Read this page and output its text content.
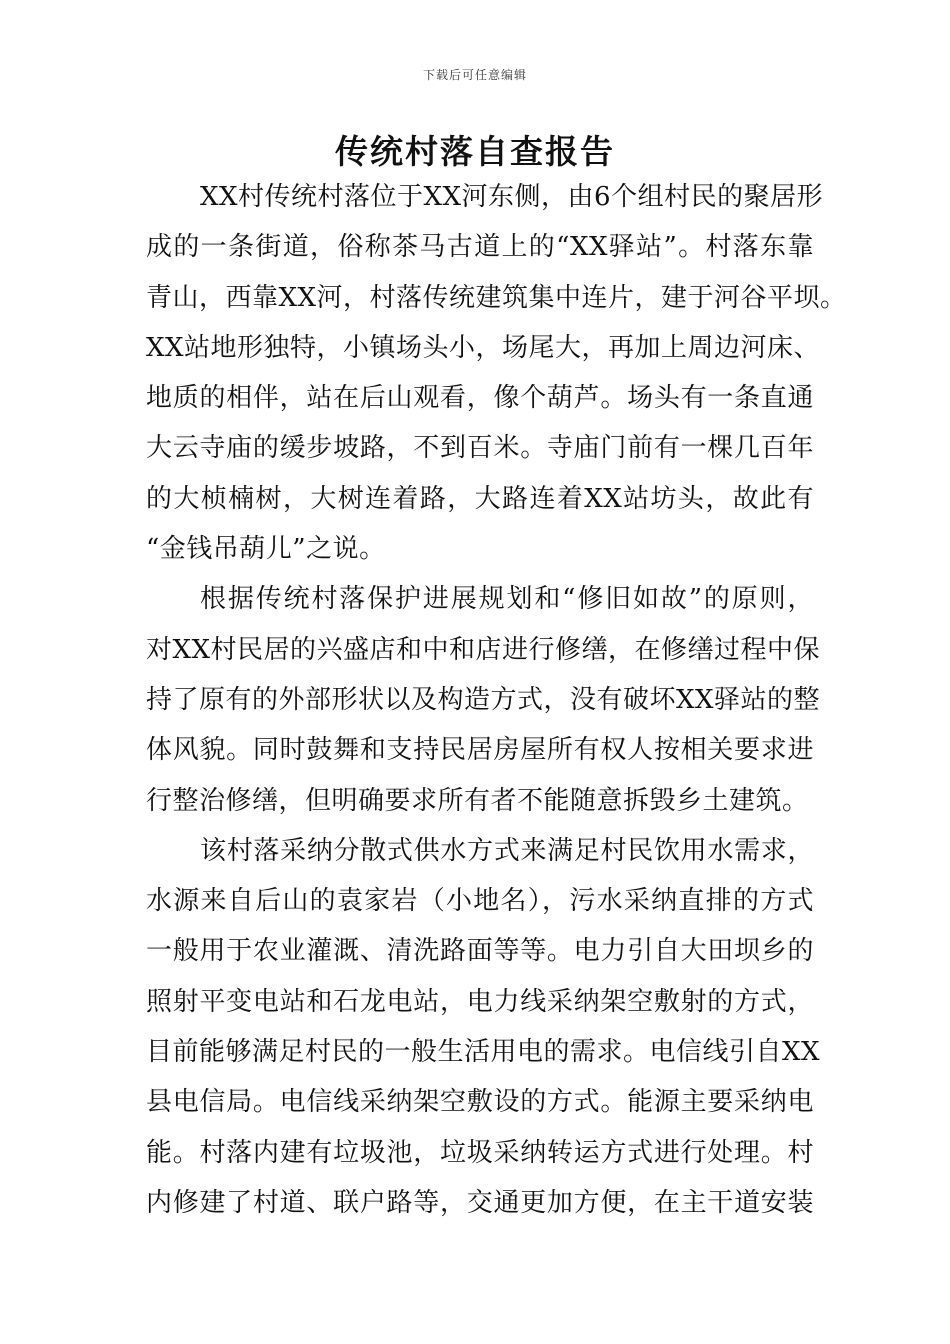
下载后可任意编辑
传统村落自查报告
XX村传统村落位于XX河东侧，由6个组村民的聚居形
成的一条街道，俗称茶马古道上的“XX驿站”。村落东靠
青山，西靠XX河，村落传统建筑集中连片，建于河谷平坝。
XX站地形独特，小镇场头小，场尾大，再加上周边河床、
地质的相伴，站在后山观看，像个葫芦。场头有一条直通
大云寺庙的缓步坡路，不到百米。寺庙门前有一棵几百年
的大桢楠树，大树连着路，大路连着XX站坊头，故此有
“金钱吊葫儿”之说。
根据传统村落保护进展规划和“修旧如故”的原则，
对XX村民居的兴盛店和中和店进行修缮，在修缮过程中保
持了原有的外部形状以及构造方式，没有破坏XX驿站的整
体风貌。同时鼓舞和支持民居房屋所有权人按相关要求进
行整治修缮，但明确要求所有者不能随意拆毁乡土建筑。
该村落采纳分散式供水方式来满足村民饮用水需求，
水源来自后山的袁家岩（小地名），污水采纳直排的方式
一般用于农业灌溉、清洗路面等等。电力引自大田坝乡的
照射平变电站和石龙电站，电力线采纳架空敷射的方式，
目前能够满足村民的一般生活用电的需求。电信线引自XX
县电信局。电信线采纳架空敷设的方式。能源主要采纳电
能。村落内建有垃圾池，垃圾采纳转运方式进行处理。村
内修建了村道、联户路等，交通更加方便，在主干道安装
